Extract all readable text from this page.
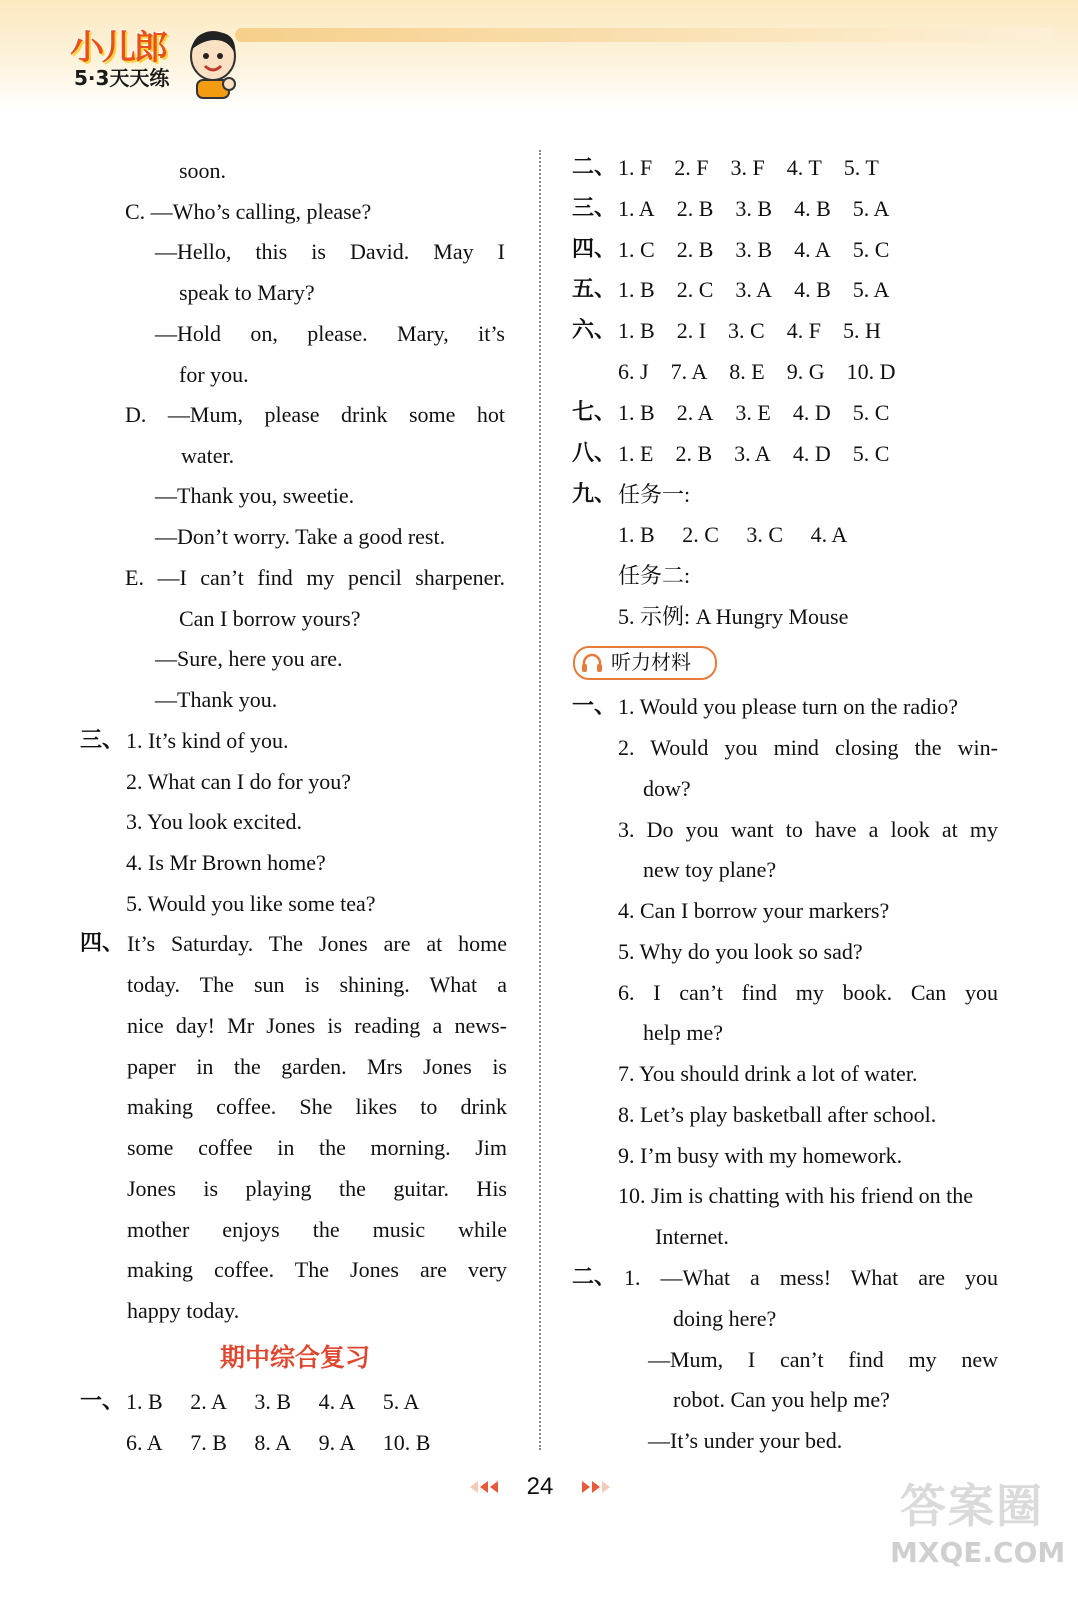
小儿郎
5·3天天练
soon.
C. —Who’s calling, please?
—Hello, this is David. May I
speak to Mary?
—Hold on, please. Mary, it’s
for you.
D. —Mum, please drink some hot
water.
—Thank you, sweetie.
—Don’t worry. Take a good rest.
E. —I can’t find my pencil sharpener.
Can I borrow yours?
—Sure, here you are.
—Thank you.
三、 1. It’s kind of you.
2. What can I do for you?
3. You look excited.
4. Is Mr Brown home?
5. Would you like some tea?
四、 It’s Saturday. The Jones are at home
today. The sun is shining. What a
nice day! Mr Jones is reading a news-
paper in the garden. Mrs Jones is
making coffee. She likes to drink
some coffee in the morning. Jim
Jones is playing the guitar. His
mother enjoys the music while
making coffee. The Jones are very
happy today.
期中综合复习
一、 1. B 2. A 3. B 4. A 5. A
6. A 7. B 8. A 9. A 10. B
二、 1. F 2. F 3. F 4. T 5. T
三、 1. A 2. B 3. B 4. B 5. A
四、 1. C 2. B 3. B 4. A 5. C
五、 1. B 2. C 3. A 4. B 5. A
六、 1. B 2. I 3. C 4. F 5. H
6. J 7. A 8. E 9. G 10. D
七、 1. B 2. A 3. E 4. D 5. C
八、 1. E 2. B 3. A 4. D 5. C
九、 任务一:
1. B 2. C 3. C 4. A
任务二:
5. 示例: A Hungry Mouse
听力材料
一、 1. Would you please turn on the radio?
2. Would you mind closing the win-
dow?
3. Do you want to have a look at my
new toy plane?
4. Can I borrow your markers?
5. Why do you look so sad?
6. I can’t find my book. Can you
help me?
7. You should drink a lot of water.
8. Let’s play basketball after school.
9. I’m busy with my homework.
10. Jim is chatting with his friend on the
Internet.
二、 1. —What a mess! What are you
doing here?
—Mum, I can’t find my new
robot. Can you help me?
—It’s under your bed.
24	答案圈
MXQE.COM
